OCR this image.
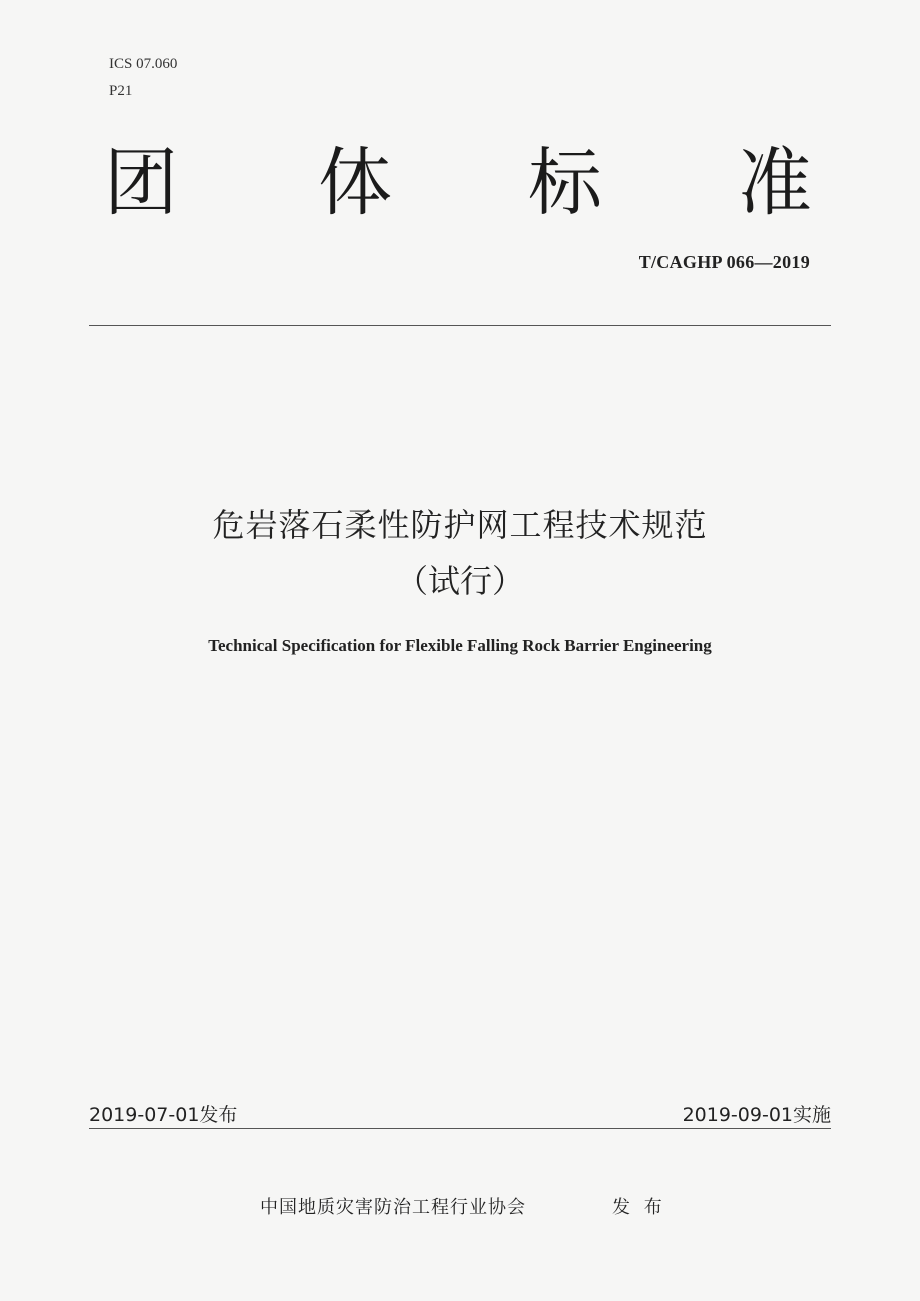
ICS 07.060
P21
团 体 标 准
T/CAGHP 066—2019
危岩落石柔性防护网工程技术规范
（试行）
Technical Specification for Flexible Falling Rock Barrier Engineering
2019-07-01发布	2019-09-01实施
中国地质灾害防治工程行业协会	发 布
